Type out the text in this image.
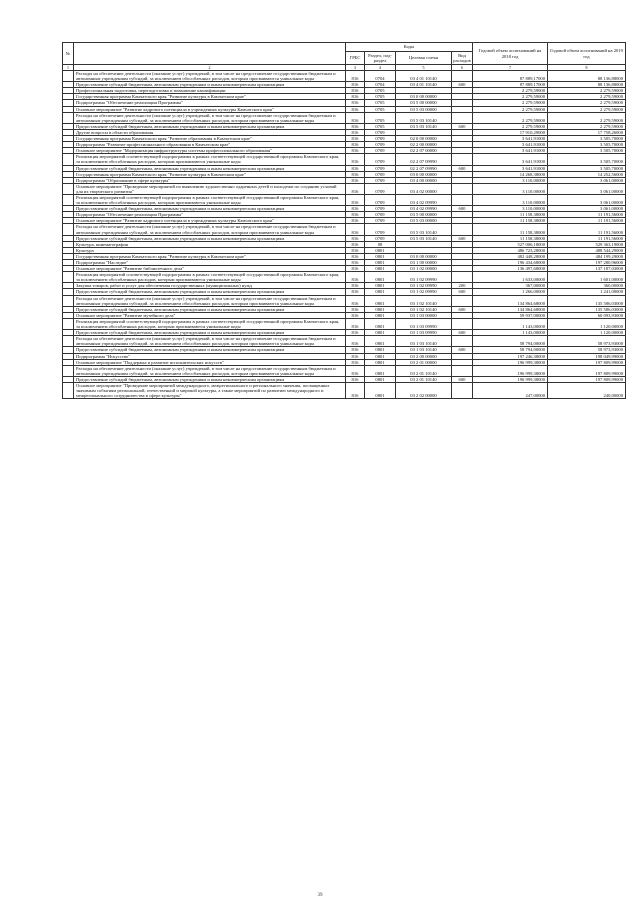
№		Коды				Годовой объем ассигнований на 2018 год	Годовой объем ассигнований на 2019 год
		ГРБС	Раздел, под-раздел	Целевая статья	Вид расходов		
1	2	3	4	5	6	7	8
	Расходы на обеспечение деятельности (оказание услуг) учреждений, в том числе на предоставление государственным бюджетным и автономным учреждениям субсидий, за исключением обособленных расходов, которым присваиваются уникальные коды	816	0704	03 4 01 10140		87 889,17000	88 136,88000
	Предоставление субсидий бюджетным, автономным учреждениям и иным некоммерческим организациям	816	0704	03 4 01 10140	600	87 889,17000	88 136,88000
	Профессиональная подготовка, переподготовка и повышение квалификации	816	0705			2 279,59000	2 279,59000
	Государственная программа Камчатского края "Развитие культуры в Камчатском крае"	816	0705	03 0 00 00000		2 279,59000	2 279,59000
	Подпрограмма "Обеспечение реализации Программы"	816	0705	03 5 00 00000		2 279,59000	2 279,59000
	Основное мероприятие "Развитие кадрового потенциала в учреждениях культуры Камчатского края"	816	0705	03 5 03 00000		2 279,59000	2 279,59000
	Расходы на обеспечение деятельности (оказание услуг) учреждений, в том числе на предоставление государственным бюджетным и автономным учреждениям субсидий, за исключением обособленных расходов, которым присваиваются уникальные коды	816	0705	03 5 03 10140		2 279,59000	2 279,59000
	Предоставление субсидий бюджетным, автономным учреждениям и иным некоммерческим организациям	816	0705	03 5 03 10140	600	2 279,59000	2 279,59000
	Другие вопросы в области образования	816	0709			17 910,29000	17 758,26000
	Государственная программа Камчатского края "Развитие образования в Камчатском крае"	816	0709	02 0 00 00000		3 641,91000	3 505,70000
	Подпрограмма "Развитие профессионального образования в Камчатском крае"	816	0709	02 2 00 00000		3 641,91000	3 505,70000
	Основное мероприятие "Модернизация инфраструктуры системы профессионального образования"	816	0709	02 2 07 00000		3 641,91000	3 505,70000
	Реализация мероприятий соответствующей подпрограммы в рамках соответствующей государственной программы Камчатского края, за исключением обособленных расходов, которым присваиваются уникальные коды	816	0709	02 2 07 09990		3 641,91000	3 505,70000
	Предоставление субсидий бюджетным, автономным учреждениям и иным некоммерческим организациям	816	0709	02 2 07 09990	600	3 641,91000	3 505,70000
	Государственная программа Камчатского края "Развитие культуры в Камчатском крае"	816	0709	03 0 00 00000		14 268,38000	14 252,56000
	Подпрограмма "Образование в сфере культуры"	816	0709	03 4 00 00000		3 110,00000	3 061,00000
	Основное мероприятие "Проведение мероприятий по выявлению художественно одаренных детей и молодежи по созданию условий для их творческого развития"	816	0709	03 4 02 00000		3 110,00000	3 061,00000
	Реализация мероприятий соответствующей подпрограммы в рамках соответствующей государственной программы Камчатского края, за исключением обособленных расходов, которым присваиваются уникальные коды	816	0709	03 4 02 09990		3 110,00000	3 061,00000
	Предоставление субсидий бюджетным, автономным учреждениям и иным некоммерческим организациям	816	0709	03 4 02 09990	600	3 110,00000	3 061,00000
	Подпрограмма "Обеспечение реализации Программы"	816	0709	03 5 00 00000		11 158,38000	11 191,56000
	Основное мероприятие "Развитие кадрового потенциала в учреждениях культуры Камчатского края"	816	0709	03 5 03 00000		11 158,38000	11 191,56000
	Расходы на обеспечение деятельности (оказание услуг) учреждений, в том числе на предоставление государственным бюджетным и автономным учреждениям субсидий, за исключением обособленных расходов, которым присваиваются уникальные коды	816	0709	03 5 03 10140		11 158,38000	11 191,56000
	Предоставление субсидий бюджетным, автономным учреждениям и иным некоммерческим организациям	816	0709	03 5 03 10140	600	11 158,38000	11 191,56000
	Культура, кинематография	816	08			527 006,18000	529 363,19000
	Культура	816	0801			486 723,28000	488 544,29000
	Государственная программа Камчатского края "Развитие культуры в Камчатском крае"	816	0801	03 0 00 00000		482 448,28000	484 199,29000
	Подпрограмма "Наследие"	816	0801	03 1 00 00000		196 434,68000	197 280,96000
	Основное мероприятие "Развитие библиотечного дела"	816	0801	03 1 02 00000		136 497,68000	137 187,03000
	Реализация мероприятий соответствующей подпрограммы в рамках соответствующей государственной программы Камчатского края, за исключением обособленных расходов, которым присваиваются уникальные коды	816	0801	03 1 02 09990		1 633,00000	1 601,00000
	Закупка товаров, работ и услуг для обеспечения государственных (муниципальных) нужд	816	0801	03 1 02 09990	200	367,00000	360,00000
	Предоставление субсидий бюджетным, автономным учреждениям и иным некоммерческим организациям	816	0801	03 1 02 09990	600	1 266,00000	1 241,00000
	Расходы на обеспечение деятельности (оказание услуг) учреждений, в том числе на предоставление государственным бюджетным и автономным учреждениям субсидий, за исключением обособленных расходов, которым присваиваются уникальные коды	816	0801	03 1 02 10140		134 864,68000	135 586,03000
	Предоставление субсидий бюджетным, автономным учреждениям и иным некоммерческим организациям	816	0801	03 1 02 10140	600	134 864,68000	135 586,03000
	Основное мероприятие "Развитие музейного дела"	816	0801	03 1 03 00000		59 937,00000	60 093,93000
	Реализация мероприятий соответствующей подпрограммы в рамках соответствующей государственной программы Камчатского края, за исключением обособленных расходов, которым присваиваются уникальные коды	816	0801	03 1 03 09990		1 143,00000	1 120,00000
	Предоставление субсидий бюджетным, автономным учреждениям и иным некоммерческим организациям	816	0801	03 1 03 09990	600	1 143,00000	1 120,00000
	Расходы на обеспечение деятельности (оказание услуг) учреждений, в том числе на предоставление государственным бюджетным и автономным учреждениям субсидий, за исключением обособленных расходов, которым присваиваются уникальные коды	816	0801	03 1 03 10140		58 794,00000	58 973,93000
	Предоставление субсидий бюджетным, автономным учреждениям и иным некоммерческим организациям	816	0801	03 1 03 10140	600	58 794,00000	58 973,93000
	Подпрограмма "Искусство"	816	0801	03 2 00 00000		197 246,38000	198 049,99000
	Основное мероприятие "Поддержка и развитие исполнительских искусств"	816	0801	03 2 01 00000		196 999,38000	197 809,99000
	Расходы на обеспечение деятельности (оказание услуг) учреждений, в том числе на предоставление государственным бюджетным и автономным учреждениям субсидий, за исключением обособленных расходов, которым присваиваются уникальные коды	816	0801	03 2 01 10140		196 999,38000	197 809,99000
	Предоставление субсидий бюджетным, автономным учреждениям и иным некоммерческим организациям	816	0801	03 2 01 10140	600	196 999,38000	197 809,99000
	Основное мероприятие "Проведение мероприятий международного, межрегионального и регионального значения, посвященных значимым событиям региональной, отечественной и мировой культуры, а также мероприятий по развитию международного и межрегионального сотрудничества в сфере культуры"	816	0801	03 2 02 00000		247,00000	240,00000
39
